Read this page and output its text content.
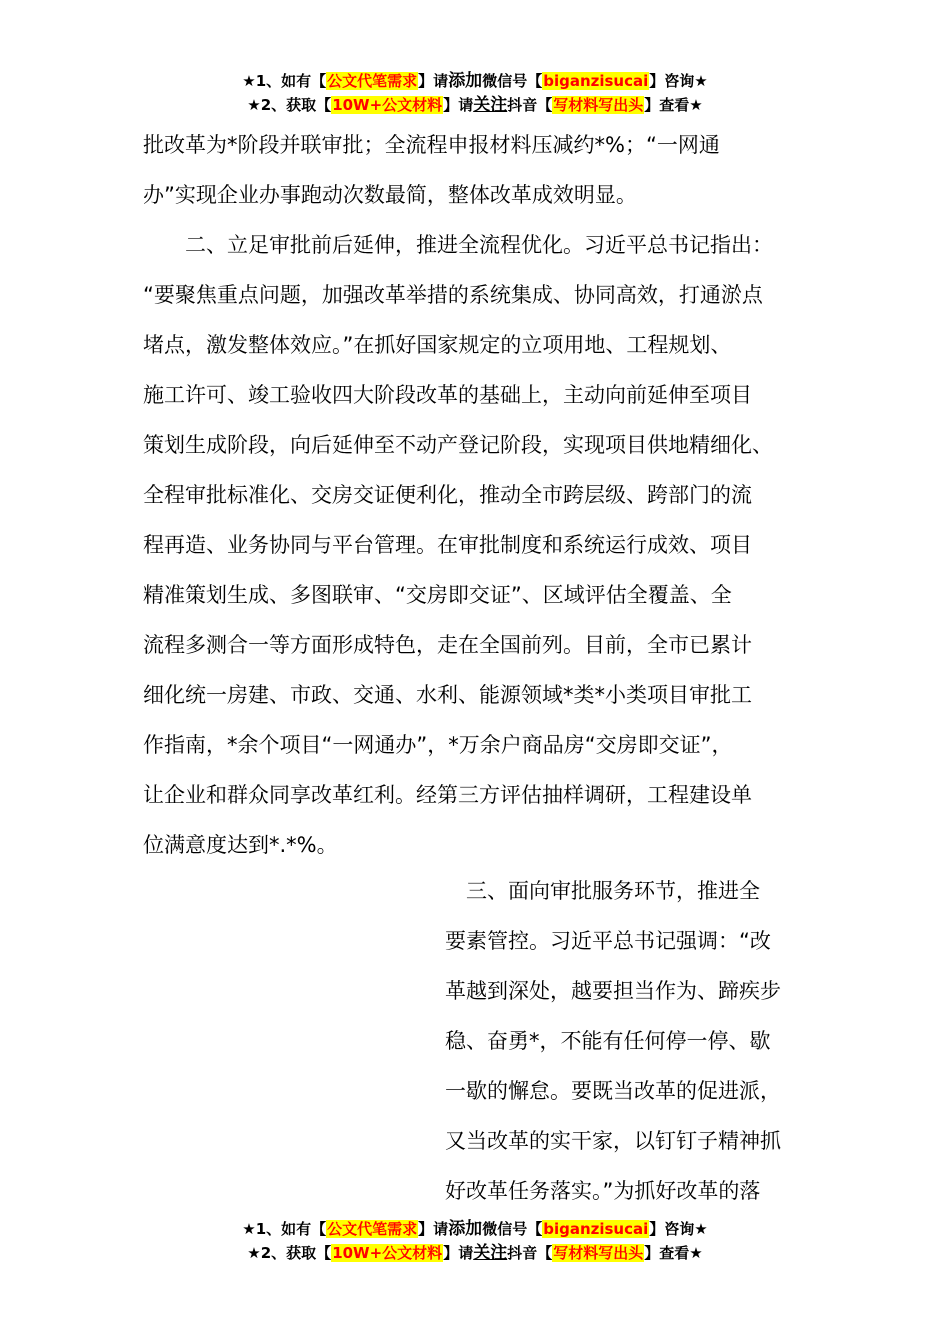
★1、如有【公文代笔需求】请添加微信号【biganzisucai】咨询★
★2、获取【10W+公文材料】请关注抖音【写材料写出头】查看★
批改革为*阶段并联审批；全流程申报材料压减约*%；“一网通
办”实现企业办事跑动次数最简，整体改革成效明显。
　　二、立足审批前后延伸，推进全流程优化。习近平总书记指出：
“要聚焦重点问题，加强改革举措的系统集成、协同高效，打通淤点
堵点，激发整体效应。”在抓好国家规定的立项用地、工程规划、
施工许可、竣工验收四大阶段改革的基础上，主动向前延伸至项目
策划生成阶段，向后延伸至不动产登记阶段，实现项目供地精细化、
全程审批标准化、交房交证便利化，推动全市跨层级、跨部门的流
程再造、业务协同与平台管理。在审批制度和系统运行成效、项目
精准策划生成、多图联审、“交房即交证”、区域评估全覆盖、全
流程多测合一等方面形成特色，走在全国前列。目前，全市已累计
细化统一房建、市政、交通、水利、能源领域*类*小类项目审批工
作指南，*余个项目“一网通办”，*万余户商品房“交房即交证”，
让企业和群众同享改革红利。经第三方评估抽样调研，工程建设单
位满意度达到*.*%。
　三、面向审批服务环节，推进全
要素管控。习近平总书记强调：“改
革越到深处，越要担当作为、蹄疾步
稳、奋勇*，不能有任何停一停、歇
一歇的懈怠。要既当改革的促进派，
又当改革的实干家，以钉钉子精神抓
好改革任务落实。”为抓好改革的落
★1、如有【公文代笔需求】请添加微信号【biganzisucai】咨询★
★2、获取【10W+公文材料】请关注抖音【写材料写出头】查看★
